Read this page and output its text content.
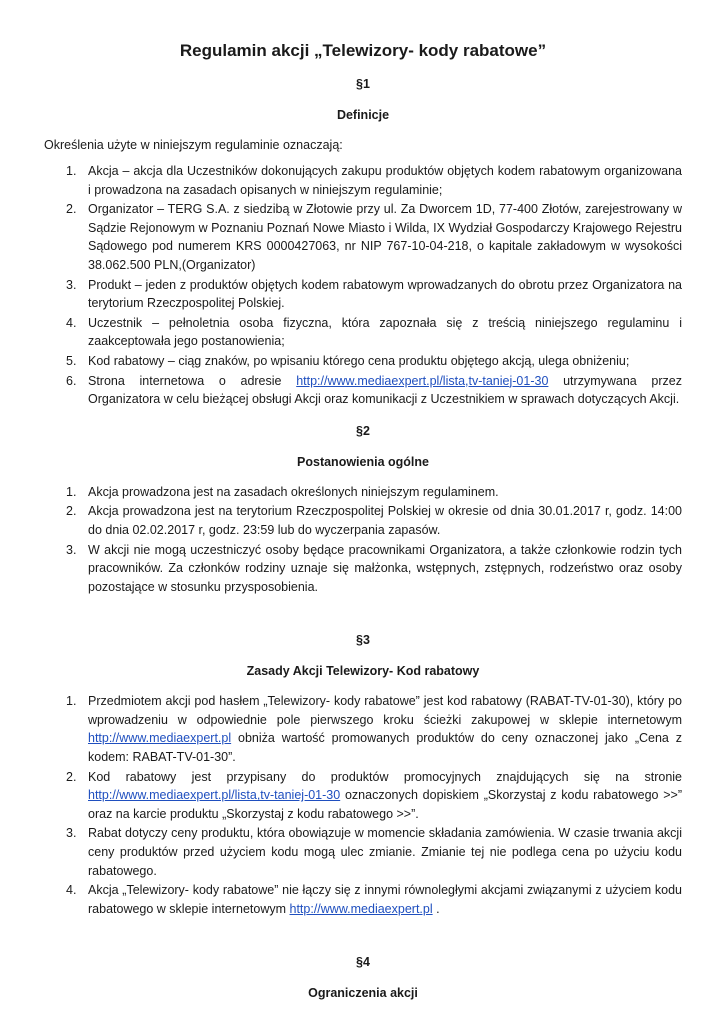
Regulamin akcji „Telewizory- kody rabatowe”

§1

Definicje

Określenia użyte w niniejszym regulaminie oznaczają:

1. Akcja – akcja dla Uczestników dokonujących zakupu produktów objętych kodem rabatowym organizowana i prowadzona na zasadach opisanych w niniejszym regulaminie;
2. Organizator – TERG S.A. z siedzibą w Złotowie przy ul. Za Dworcem 1D, 77-400 Złotów, zarejestrowany w Sądzie Rejonowym w Poznaniu Poznań Nowe Miasto i Wilda, IX Wydział Gospodarczy Krajowego Rejestru Sądowego pod numerem KRS 0000427063, nr NIP 767-10-04-218, o kapitale zakładowym w wysokości 38.062.500 PLN,(Organizator)
3. Produkt – jeden z produktów objętych kodem rabatowym wprowadzanych do obrotu przez Organizatora na terytorium Rzeczpospolitej Polskiej.
4. Uczestnik – pełnoletnia osoba fizyczna, która zapoznała się z treścią niniejszego regulaminu i zaakceptowała jego postanowienia;
5. Kod rabatowy – ciąg znaków, po wpisaniu którego cena produktu objętego akcją, ulega obniżeniu;
6. Strona internetowa o adresie http://www.mediaexpert.pl/lista,tv-taniej-01-30 utrzymywana przez Organizatora w celu bieżącej obsługi Akcji oraz komunikacji z Uczestnikiem w sprawach dotyczących Akcji.

§2

Postanowienia ogólne

1. Akcja prowadzona jest na zasadach określonych niniejszym regulaminem.
2. Akcja prowadzona jest na terytorium Rzeczpospolitej Polskiej w okresie od dnia 30.01.2017 r, godz. 14:00 do dnia 02.02.2017 r, godz. 23:59 lub do wyczerpania zapasów.
3. W akcji nie mogą uczestniczyć osoby będące pracownikami Organizatora, a także członkowie rodzin tych pracowników. Za członków rodziny uznaje się małżonka, wstępnych, zstępnych, rodzeństwo oraz osoby pozostające w stosunku przysposobienia.

§3

Zasady Akcji Telewizory- Kod rabatowy

1. Przedmiotem akcji pod hasłem „Telewizory- kody rabatowe” jest kod rabatowy (RABAT-TV-01-30), który po wprowadzeniu w odpowiednie pole pierwszego kroku ścieżki zakupowej w sklepie internetowym http://www.mediaexpert.pl obniża wartość promowanych produktów do ceny oznaczonej jako „Cena z kodem: RABAT-TV-01-30”.
2. Kod rabatowy jest przypisany do produktów promocyjnych znajdujących się na stronie http://www.mediaexpert.pl/lista,tv-taniej-01-30 oznaczonych dopiskiem „Skorzystaj z kodu rabatowego >>” oraz na karcie produktu „Skorzystaj z kodu rabatowego >>”.
3. Rabat dotyczy ceny produktu, która obowiązuje w momencie składania zamówienia. W czasie trwania akcji ceny produktów przed użyciem kodu mogą ulec zmianie. Zmianie tej nie podlega cena po użyciu kodu rabatowego.
4. Akcja „Telewizory- kody rabatowe” nie łączy się z innymi równoległymi akcjami związanymi z użyciem kodu rabatowego w sklepie internetowym http://www.mediaexpert.pl .

§4

Ograniczenia akcji
